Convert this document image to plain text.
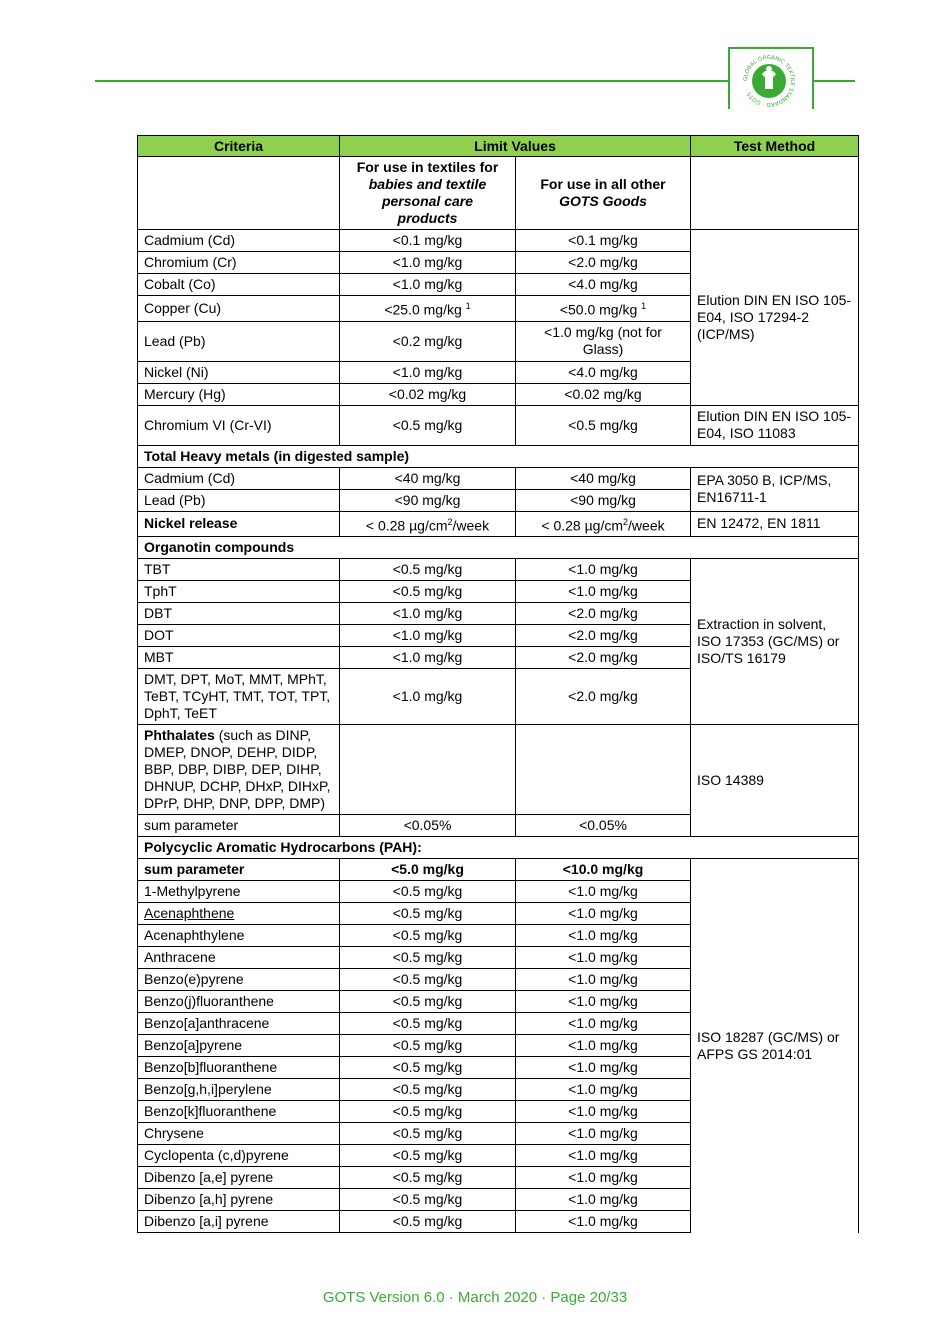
GLOBAL ORGANIC TEXTILE STANDARD · GOTS ·
Criteria	Limit Values		Test Method

	For use in textiles for
babies and textile
personal care
products	For use in all other
GOTS Goods	

Cadmium (Cd)	<0.1 mg/kg	<0.1 mg/kg	Elution DIN EN ISO 105-E04, ISO 17294-2 (ICP/MS)
Chromium (Cr)	<1.0 mg/kg	<2.0 mg/kg	
Cobalt (Co)	<1.0 mg/kg	<4.0 mg/kg	
Copper (Cu)	<25.0 mg/kg $^1$	<50.0 mg/kg $^1$
Lead (Pb)	<0.2 mg/kg	<1.0 mg/kg (not for Glass)	
Nickel (Ni)	<1.0 mg/kg	<4.0 mg/kg	
Mercury (Hg)	<0.02 mg/kg	<0.02 mg/kg	
Chromium VI (Cr-VI)	<0.5 mg/kg	<0.5 mg/kg	Elution DIN EN ISO 105-E04, ISO 11083
Total Heavy metals (in digested sample)			
Cadmium (Cd)	<40 mg/kg	<40 mg/kg	EPA 3050 B, ICP/MS, EN16711-1
Lead (Pb)	<90 mg/kg	<90 mg/kg	
Nickel release	< 0.28 $\mu g/cm^2$/week	< 0.28 $\mu g/cm^2$/week	EN 12472, EN 1811
Organotin compounds			
TBT	<0.5 mg/kg	<1.0 mg/kg	Extraction in solvent, ISO 17353 (GC/MS) or ISO/TS 16179
TphT	<0.5 mg/kg	<1.0 mg/kg	
DBT	<1.0 mg/kg	<2.0 mg/kg	
DOT	<1.0 mg/kg	<2.0 mg/kg	
MBT	<1.0 mg/kg	<2.0 mg/kg	
DMT, DPT, MoT, MMT, MPhT, TeBT, TCyHT, TMT, TOT, TPT, DphT, TeET	<1.0 mg/kg	<2.0 mg/kg	
Phthalates (such as DINP, DMEP, DNOP, DEHP, DIDP, BBP, DBP, DIBP, DEP, DIHP, DHNUP, DCHP, DHxP, DIHxP, DPrP, DHP, DNP, DPP, DMP)			ISO 14389
sum parameter	<0.05%	<0.05%	
Polycyclic Aromatic Hydrocarbons (PAH):			
sum parameter	<5.0 mg/kg	<10.0 mg/kg	ISO 18287 (GC/MS) or AFPS GS 2014:01
1-Methylpyrene	<0.5 mg/kg	<1.0 mg/kg	
Acenaphthene	<0.5 mg/kg	<1.0 mg/kg	
Acenaphthylene	<0.5 mg/kg	<1.0 mg/kg	
Anthracene	<0.5 mg/kg	<1.0 mg/kg	
Benzo(e)pyrene	<0.5 mg/kg	<1.0 mg/kg	
Benzo(j)fluoranthene	<0.5 mg/kg	<1.0 mg/kg	
Benzo[a]anthracene	<0.5 mg/kg	<1.0 mg/kg	
Benzo[a]pyrene	<0.5 mg/kg	<1.0 mg/kg	
Benzo[b]fluoranthene	<0.5 mg/kg	<1.0 mg/kg	
Benzo[g,h,i]perylene	<0.5 mg/kg	<1.0 mg/kg	
Benzo[k]fluoranthene	<0.5 mg/kg	<1.0 mg/kg	
Chrysene	<0.5 mg/kg	<1.0 mg/kg	
Cyclopenta (c,d)pyrene	<0.5 mg/kg	<1.0 mg/kg	
Dibenzo [a,e] pyrene	<0.5 mg/kg	<1.0 mg/kg	
Dibenzo [a,h] pyrene	<0.5 mg/kg	<1.0 mg/kg	
Dibenzo [a,i] pyrene	<0.5 mg/kg	<1.0 mg/kg	
GOTS Version 6.0 · March 2020 · Page 20/33
